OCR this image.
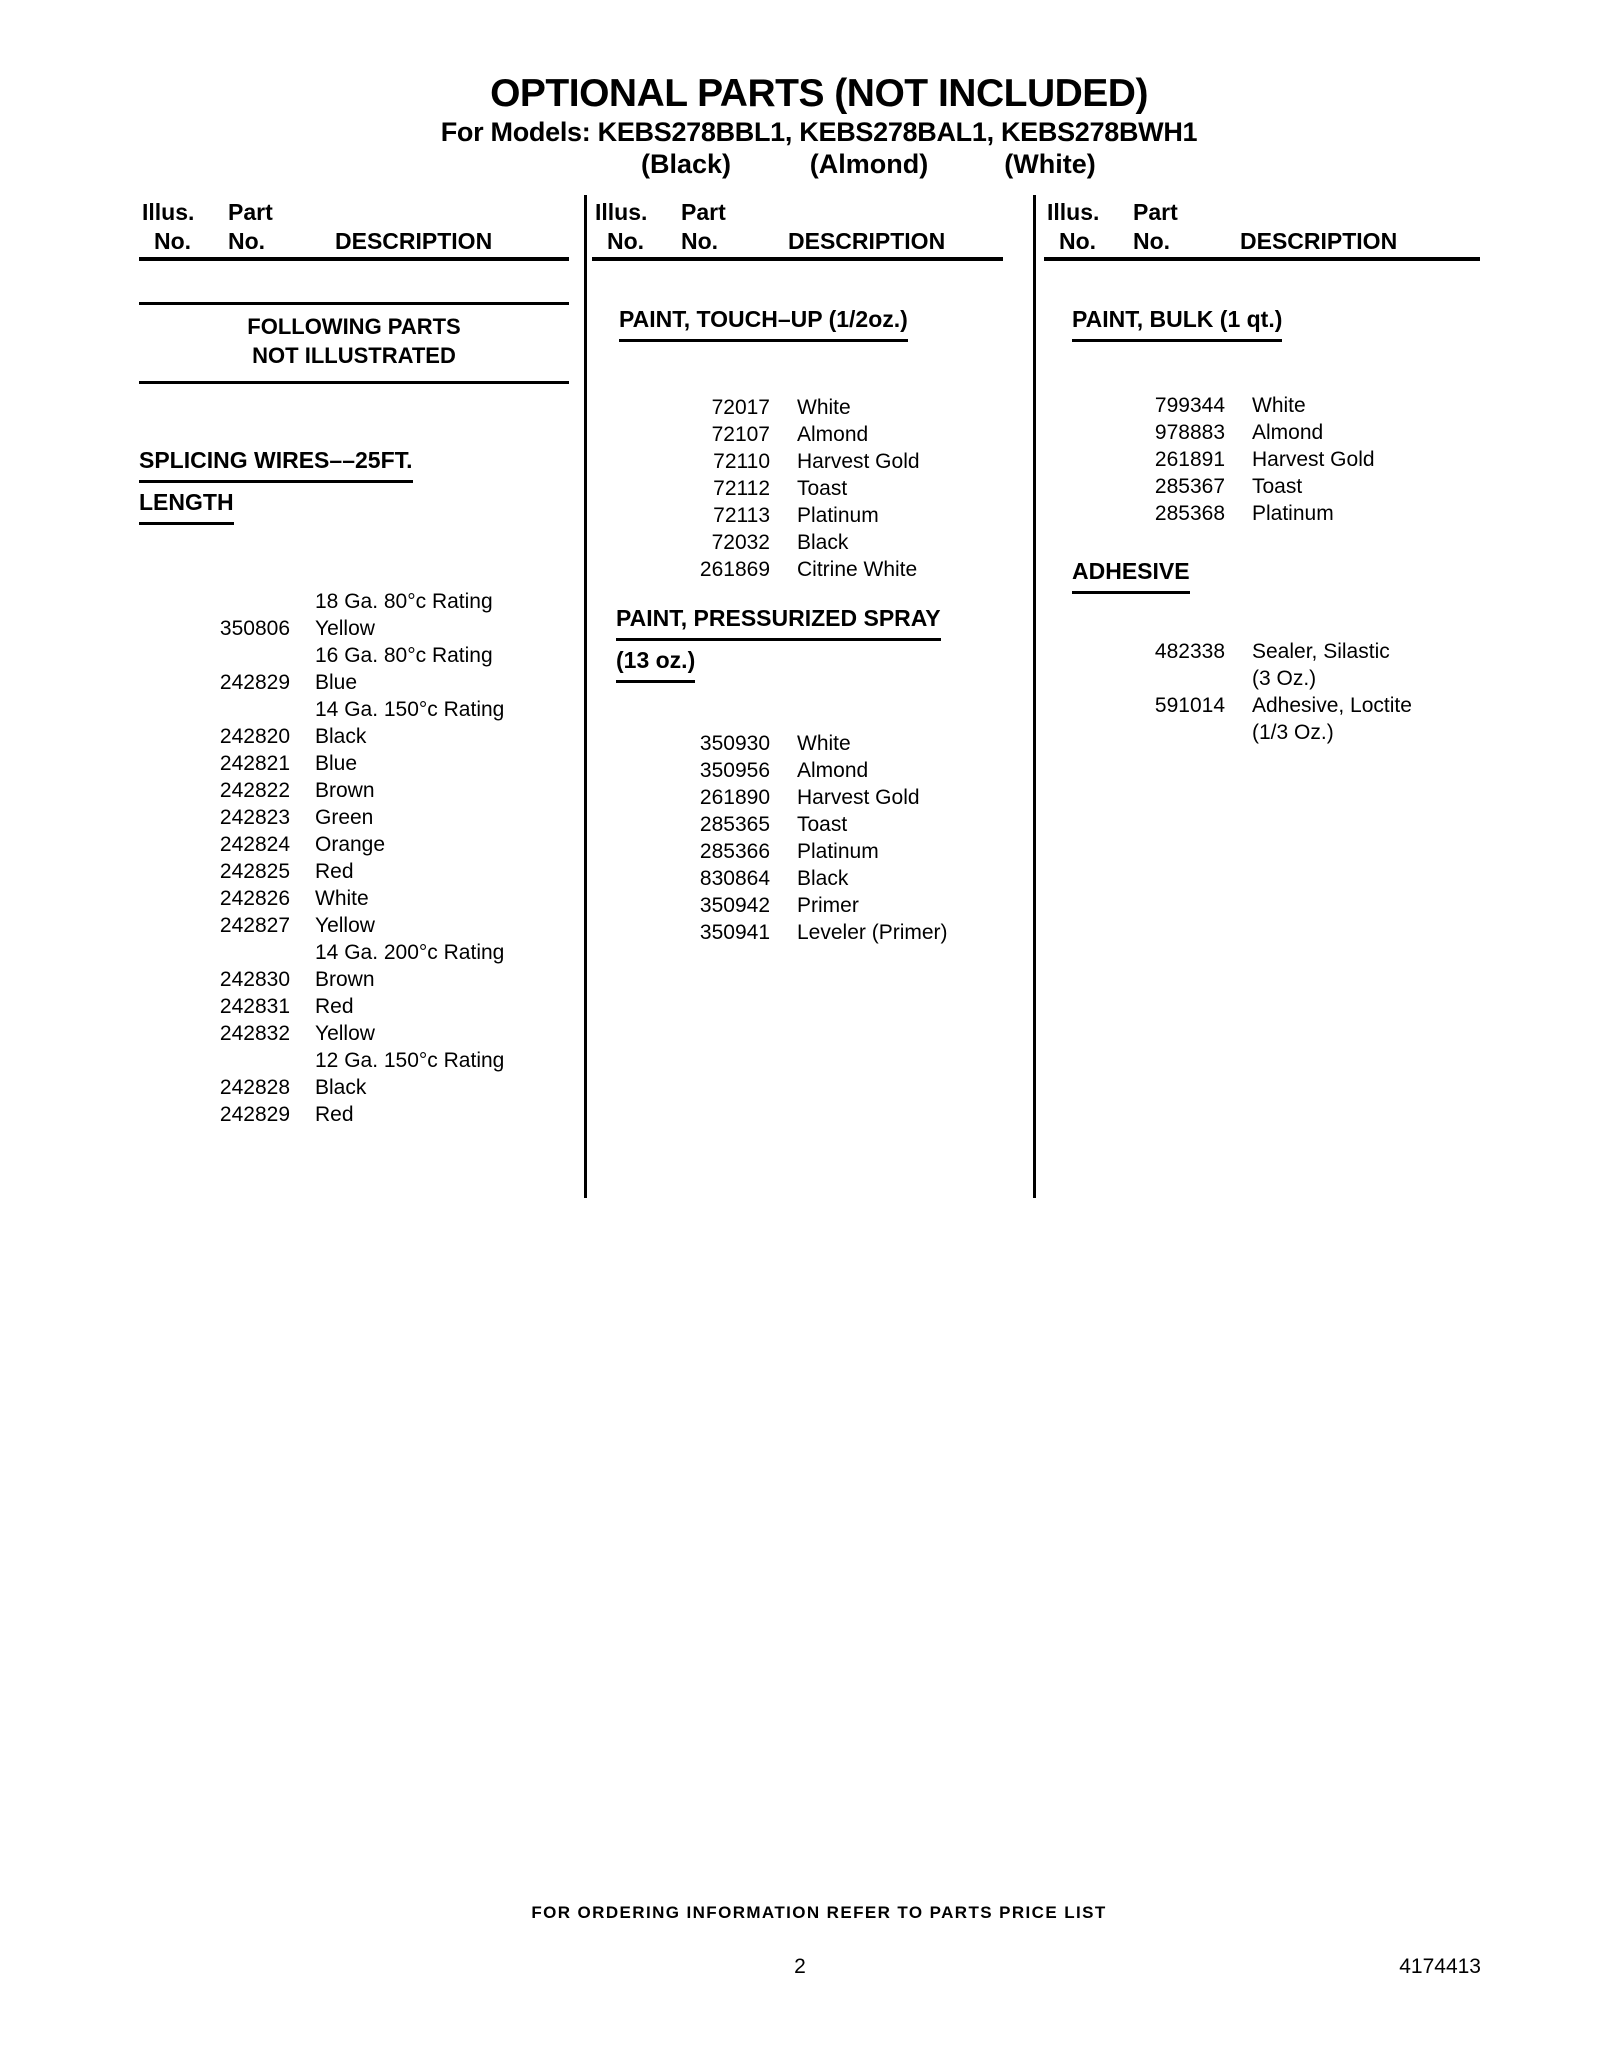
OPTIONAL PARTS (NOT INCLUDED)
For Models: KEBS278BBL1, KEBS278BAL1, KEBS278BWH1
(Black)	(Almond)	(White)
Illus. Part
No. No.	DESCRIPTION
Illus. Part
No. No.	DESCRIPTION
Illus. Part
No. No.	DESCRIPTION
FOLLOWING PARTS
NOT ILLUSTRATED
SPLICING WIRES––25FT.
LENGTH
18 Ga. 80°c Rating
350806 Yellow
16 Ga. 80°c Rating
242829 Blue
14 Ga. 150°c Rating
242820 Black
242821 Blue
242822 Brown
242823 Green
242824 Orange
242825 Red
242826 White
242827 Yellow
14 Ga. 200°c Rating
242830 Brown
242831 Red
242832 Yellow
12 Ga. 150°c Rating
242828 Black
242829 Red
PAINT, TOUCH–UP (1/2oz.)
72017 White
72107 Almond
72110 Harvest Gold
72112 Toast
72113 Platinum
72032 Black
261869 Citrine White
PAINT, PRESSURIZED SPRAY
(13 oz.)
350930 White
350956 Almond
261890 Harvest Gold
285365 Toast
285366 Platinum
830864 Black
350942 Primer
350941 Leveler (Primer)
PAINT, BULK (1 qt.)
799344 White
978883 Almond
261891 Harvest Gold
285367 Toast
285368 Platinum
ADHESIVE
482338 Sealer, Silastic
(3 Oz.)
591014 Adhesive, Loctite
(1/3 Oz.)
FOR ORDERING INFORMATION REFER TO PARTS PRICE LIST
2	4174413
